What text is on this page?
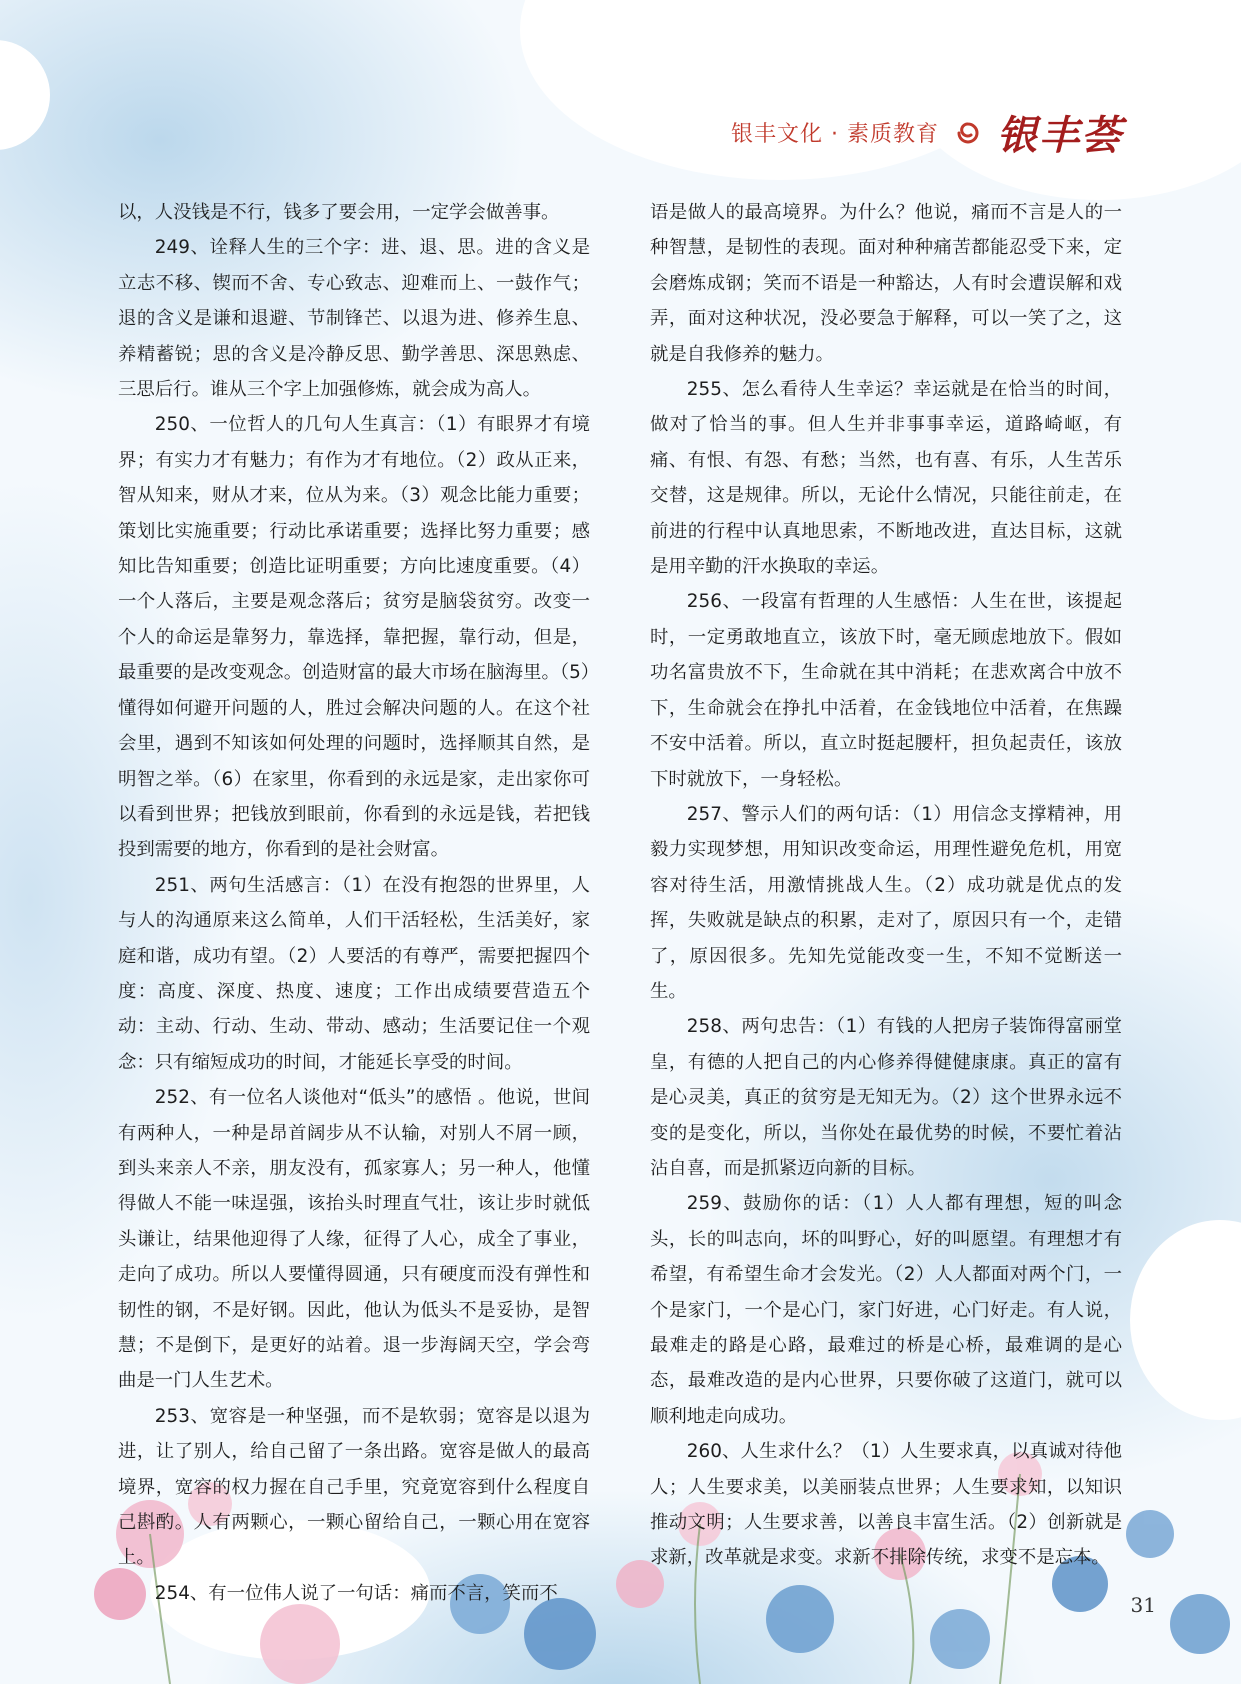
银丰文化 · 素质教育 银丰荟

以，人没钱是不行，钱多了要会用，一定学会做善事。

249、诠释人生的三个字：进、退、思。进的含义是立志不移、锲而不舍、专心致志、迎难而上、一鼓作气；退的含义是谦和退避、节制锋芒、以退为进、修养生息、养精蓄锐；思的含义是冷静反思、勤学善思、深思熟虑、三思后行。谁从三个字上加强修炼，就会成为高人。

250、一位哲人的几句人生真言：（1）有眼界才有境界；有实力才有魅力；有作为才有地位。（2）政从正来，智从知来，财从才来，位从为来。（3）观念比能力重要；策划比实施重要；行动比承诺重要；选择比努力重要；感知比告知重要；创造比证明重要；方向比速度重要。（4）一个人落后，主要是观念落后；贫穷是脑袋贫穷。改变一个人的命运是靠努力，靠选择，靠把握，靠行动，但是，最重要的是改变观念。创造财富的最大市场在脑海里。（5）懂得如何避开问题的人，胜过会解决问题的人。在这个社会里，遇到不知该如何处理的问题时，选择顺其自然，是明智之举。（6）在家里，你看到的永远是家，走出家你可以看到世界；把钱放到眼前，你看到的永远是钱，若把钱投到需要的地方，你看到的是社会财富。

251、两句生活感言：（1）在没有抱怨的世界里，人与人的沟通原来这么简单，人们干活轻松，生活美好，家庭和谐，成功有望。（2）人要活的有尊严，需要把握四个度：高度、深度、热度、速度；工作出成绩要营造五个动：主动、行动、生动、带动、感动；生活要记住一个观念：只有缩短成功的时间，才能延长享受的时间。

252、有一位名人谈他对“低头”的感悟 。他说，世间有两种人，一种是昂首阔步从不认输，对别人不屑一顾，到头来亲人不亲，朋友没有，孤家寡人；另一种人，他懂得做人不能一味逞强，该抬头时理直气壮，该让步时就低头谦让，结果他迎得了人缘，征得了人心，成全了事业，走向了成功。所以人要懂得圆通，只有硬度而没有弹性和韧性的钢，不是好钢。因此，他认为低头不是妥协，是智慧；不是倒下，是更好的站着。退一步海阔天空，学会弯曲是一门人生艺术。

253、宽容是一种坚强，而不是软弱；宽容是以退为进，让了别人，给自己留了一条出路。宽容是做人的最高境界，宽容的权力握在自己手里，究竟宽容到什么程度自己斟酌。人有两颗心，一颗心留给自己，一颗心用在宽容上。

254、有一位伟人说了一句话：痛而不言，笑而不

语是做人的最高境界。为什么？他说，痛而不言是人的一种智慧，是韧性的表现。面对种种痛苦都能忍受下来，定会磨炼成钢；笑而不语是一种豁达，人有时会遭误解和戏弄，面对这种状况，没必要急于解释，可以一笑了之，这就是自我修养的魅力。

255、怎么看待人生幸运？幸运就是在恰当的时间，做对了恰当的事。但人生并非事事幸运，道路崎岖，有痛、有恨、有怨、有愁；当然，也有喜、有乐，人生苦乐交替，这是规律。所以，无论什么情况，只能往前走，在前进的行程中认真地思索，不断地改进，直达目标，这就是用辛勤的汗水换取的幸运。

256、一段富有哲理的人生感悟：人生在世，该提起时，一定勇敢地直立，该放下时，毫无顾虑地放下。假如功名富贵放不下，生命就在其中消耗；在悲欢离合中放不下，生命就会在挣扎中活着，在金钱地位中活着，在焦躁不安中活着。所以，直立时挺起腰杆，担负起责任，该放下时就放下，一身轻松。

257、警示人们的两句话：（1）用信念支撑精神，用毅力实现梦想，用知识改变命运，用理性避免危机，用宽容对待生活，用激情挑战人生。（2）成功就是优点的发挥，失败就是缺点的积累，走对了，原因只有一个，走错了，原因很多。先知先觉能改变一生，不知不觉断送一生。

258、两句忠告：（1）有钱的人把房子装饰得富丽堂皇，有德的人把自己的内心修养得健健康康。真正的富有是心灵美，真正的贫穷是无知无为。（2）这个世界永远不变的是变化，所以，当你处在最优势的时候，不要忙着沾沾自喜，而是抓紧迈向新的目标。

259、鼓励你的话：（1）人人都有理想，短的叫念头，长的叫志向，坏的叫野心，好的叫愿望。有理想才有希望，有希望生命才会发光。（2）人人都面对两个门，一个是家门，一个是心门，家门好进，心门好走。有人说，最难走的路是心路，最难过的桥是心桥，最难调的是心态，最难改造的是内心世界，只要你破了这道门，就可以顺利地走向成功。

260、人生求什么？（1）人生要求真，以真诚对待他人；人生要求美，以美丽装点世界；人生要求知，以知识推动文明；人生要求善，以善良丰富生活。（2）创新就是求新，改革就是求变。求新不排除传统，求变不是忘本。

31
